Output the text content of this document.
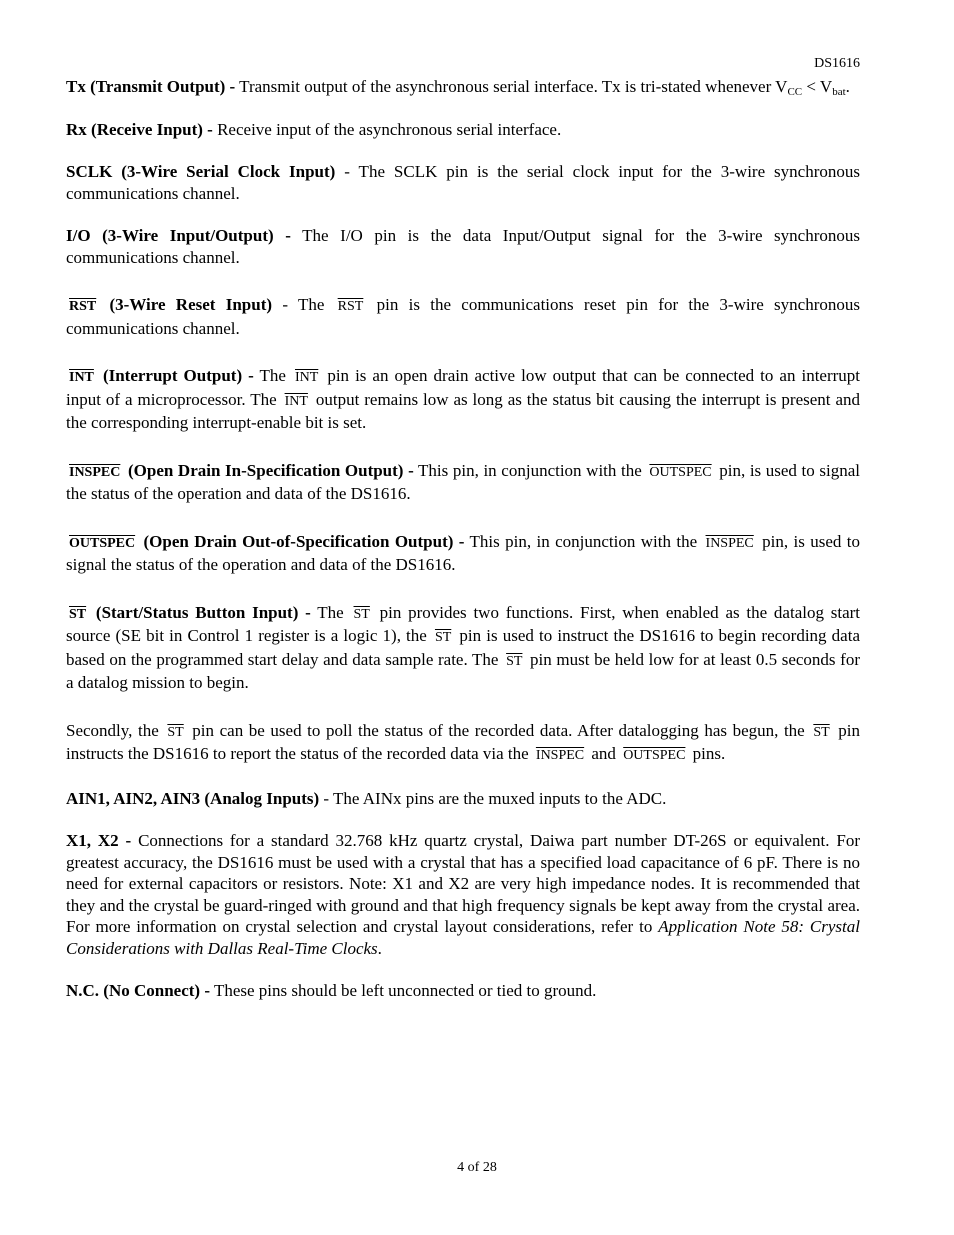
DS1616

Tx (Transmit Output) - Transmit output of the asynchronous serial interface. Tx is tri-stated whenever $V_{CC} < V_{bat}$.

Rx (Receive Input) - Receive input of the asynchronous serial interface.

SCLK (3-Wire Serial Clock Input) - The SCLK pin is the serial clock input for the 3-wire synchronous communications channel.

I/O (3-Wire Input/Output) - The I/O pin is the data Input/Output signal for the 3-wire synchronous communications channel.

$\overline{RST}$ (3-Wire Reset Input) - The $\overline{RST}$ pin is the communications reset pin for the 3-wire synchronous communications channel.

$\overline{INT}$ (Interrupt Output) - The $\overline{INT}$ pin is an open drain active low output that can be connected to an interrupt input of a microprocessor. The $\overline{INT}$ output remains low as long as the status bit causing the interrupt is present and the corresponding interrupt-enable bit is set.

INSPEC (Open Drain In-Specification Output) - This pin, in conjunction with the OUTSPEC pin, is used to signal the status of the operation and data of the DS1616.

OUTSPEC (Open Drain Out-of-Specification Output) - This pin, in conjunction with the INSPEC pin, is used to signal the status of the operation and data of the DS1616.

$\overline{ST}$ (Start/Status Button Input) - The $\overline{ST}$ pin provides two functions. First, when enabled as the datalog start source (SE bit in Control 1 register is a logic 1), the $\overline{ST}$ pin is used to instruct the DS1616 to begin recording data based on the programmed start delay and data sample rate. The $\overline{ST}$ pin must be held low for at least 0.5 seconds for a datalog mission to begin.

Secondly, the $\overline{ST}$ pin can be used to poll the status of the recorded data. After datalogging has begun, the $\overline{ST}$ pin instructs the DS1616 to report the status of the recorded data via the INSPEC and OUTSPEC pins.

AIN1, AIN2, AIN3 (Analog Inputs) - The AINx pins are the muxed inputs to the ADC.

X1, X2 - Connections for a standard 32.768 kHz quartz crystal, Daiwa part number DT-26S or equivalent. For greatest accuracy, the DS1616 must be used with a crystal that has a specified load capacitance of 6 pF. There is no need for external capacitors or resistors. Note: X1 and X2 are very high impedance nodes. It is recommended that they and the crystal be guard-ringed with ground and that high frequency signals be kept away from the crystal area. For more information on crystal selection and crystal layout considerations, refer to Application Note 58: Crystal Considerations with Dallas Real-Time Clocks.

N.C. (No Connect) - These pins should be left unconnected or tied to ground.

4 of 28
